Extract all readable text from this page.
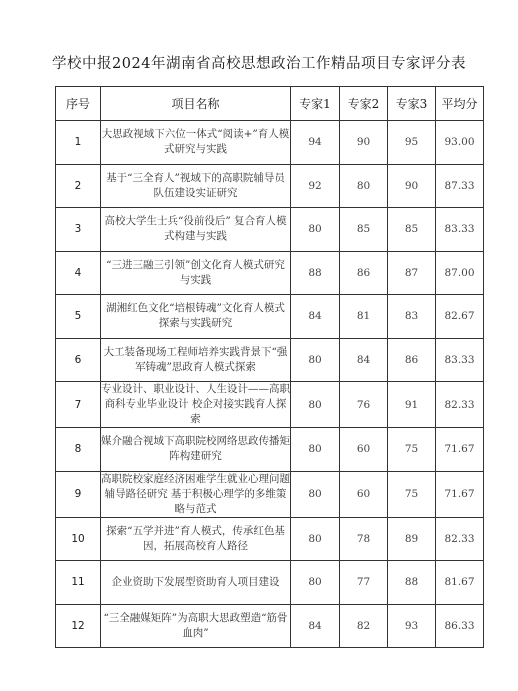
学校中报2024年湖南省高校思想政治工作精品项目专家评分表
序号	项目名称	专家1	专家2	专家3	平均分
1	大思政视域下六位一体式“阅读+”育人模式研究与实践	94	90	95	93.00
2	基于“三全育人”视域下的高职院辅导员队伍建设实证研究	92	80	90	87.33
3	高校大学生士兵“役前役后” 复合育人模式构建与实践	80	85	85	83.33
4	“三进三融三引领”创文化育人模式研究与实践	88	86	87	87.00
5	湖湘红色文化“培根铸魂”文化育人模式探索与实践研究	84	81	83	82.67
6	大工装备现场工程师培养实践背景下“强军铸魂”思政育人模式探索	80	84	86	83.33
7	专业设计、职业设计、人生设计——高职商科专业毕业设计 校企对接实践育人探索	80	76	91	82.33
8	媒介融合视域下高职院校网络思政传播矩阵构建研究	80	60	75	71.67
9	高职院校家庭经济困难学生就业心理问题 辅导路径研究 基于积极心理学的多维策略与范式	80	60	75	71.67
10	探索“五学并进”育人模式，传承红色基因，拓展高校育人路径	80	78	89	82.33
11	企业资助下发展型资助育人项目建设	80	77	88	81.67
12	“三全融媒矩阵”为高职大思政塑造“筋骨血肉”	84	82	93	86.33
